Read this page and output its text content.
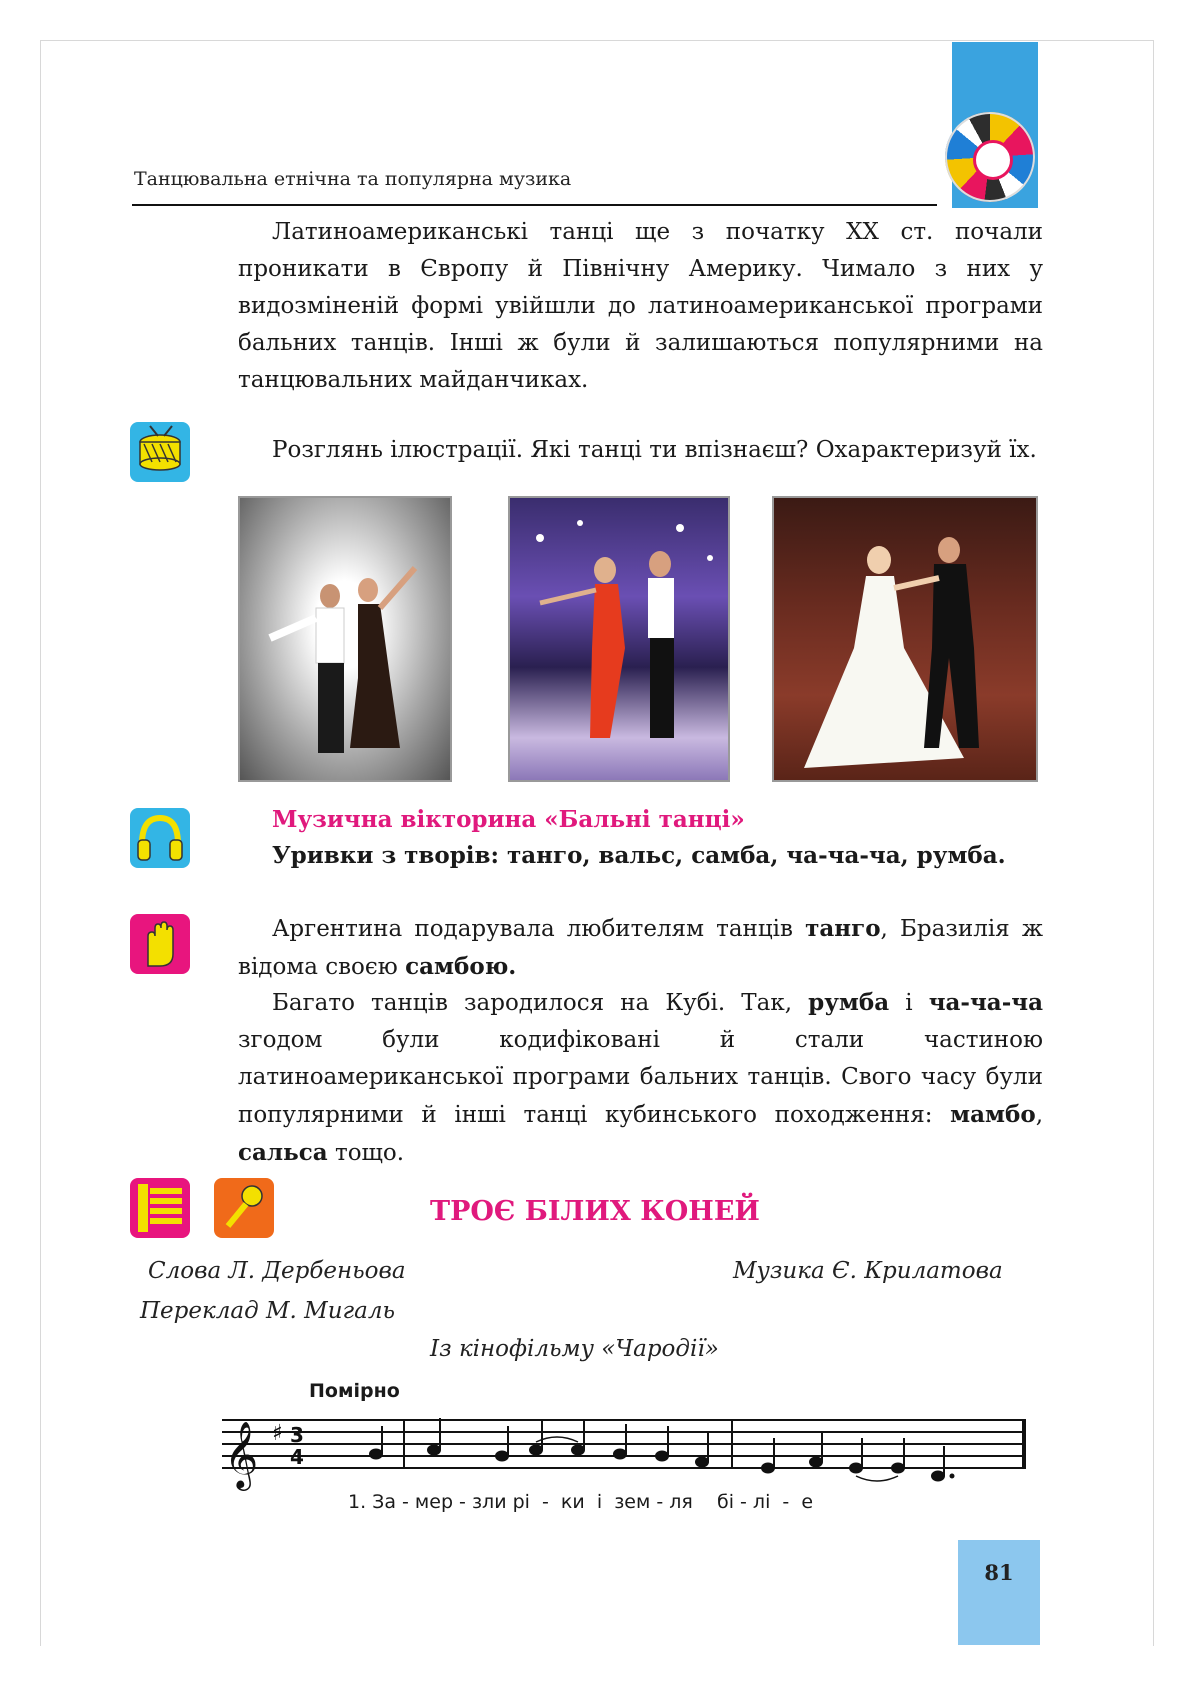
Танцювальна етнічна та популярна музика
Латиноамериканські танці ще з початку ХХ ст. почали проникати в Європу й Північну Америку. Чимало з них у видозміненій формі увійшли до латиноамериканської програми бальних танців. Інші ж були й залишаються популярними на танцювальних майданчиках.
Розглянь ілюстрації. Які танці ти впізнаєш? Охарактеризуй їх.
Музична вікторина «Бальні танці»
Уривки з творів: танго, вальс, самба, ча-ча-ча, румба.
Аргентина подарувала любителям танців танго, Бразилія ж відома своєю самбою.
Багато танців зародилося на Кубі. Так, румба і ча-ча-ча згодом були кодифіковані й стали частиною латиноамериканської програми бальних танців. Свого часу були популярними й інші танці кубинського походження: мамбо, сальса тощо.
ТРОЄ БІЛИХ КОНЕЙ
Слова Л. Дербеньова	Музика Є. Крилатова
Переклад М. Мигаль
Із кінофільму «Чародії»
Помірно
𝄞 ♯ 3
4
1. За - мер - зли рі  -  ки  і  зем - ля    бі - лі  -  е
81
